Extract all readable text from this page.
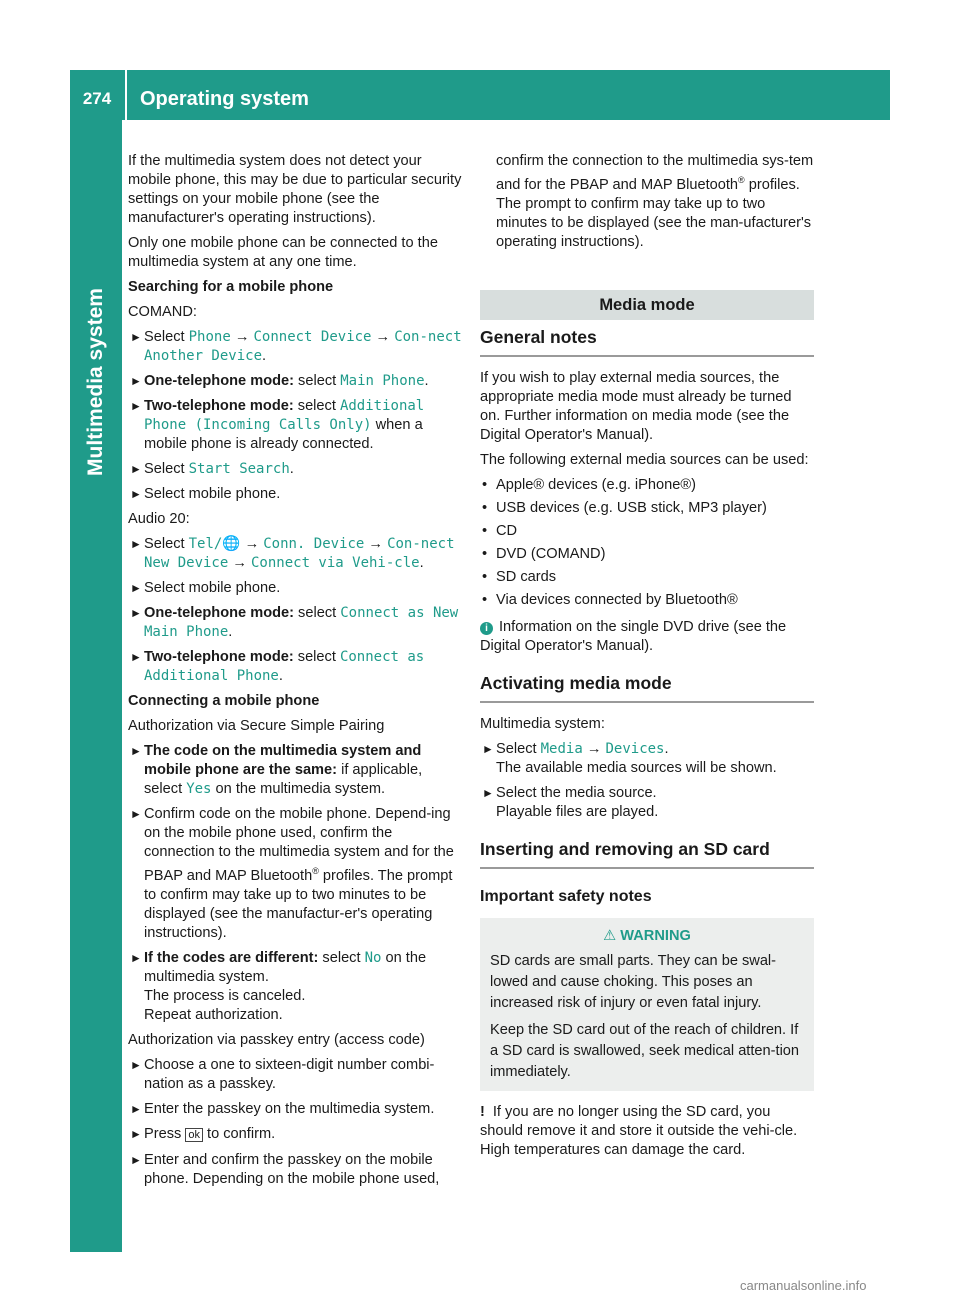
274	Operating system
Multimedia system

If the multimedia system does not detect your mobile phone, this may be due to particular security settings on your mobile phone (see the manufacturer's operating instructions).

Only one mobile phone can be connected to the multimedia system at any one time.

Searching for a mobile phone

COMAND:

► Select Phone → Connect Device → Con‐nect Another Device.
► One-telephone mode: select Main Phone.
► Two-telephone mode: select Additional Phone (Incoming Calls Only) when a mobile phone is already connected.
► Select Start Search.
► Select mobile phone.

Audio 20:

► Select Tel/🌐 → Conn. Device → Con‐nect New Device → Connect via Vehi‐cle.
► Select mobile phone.
► One-telephone mode: select Connect as New Main Phone.
► Two-telephone mode: select Connect as Additional Phone.

Connecting a mobile phone

Authorization via Secure Simple Pairing

► The code on the multimedia system and mobile phone are the same: if applicable, select Yes on the multimedia system.
► Confirm code on the mobile phone. Depend‐ing on the mobile phone used, confirm the connection to the multimedia system and for the PBAP and MAP Bluetooth® profiles. The prompt to confirm may take up to two minutes to be displayed (see the manufactur‐er's operating instructions).
► If the codes are different: select No on the multimedia system.
The process is canceled.
Repeat authorization.

Authorization via passkey entry (access code)

► Choose a one to sixteen-digit number combi‐nation as a passkey.
► Enter the passkey on the multimedia system.
► Press ok to confirm.
► Enter and confirm the passkey on the mobile phone. Depending on the mobile phone used,

confirm the connection to the multimedia sys‐tem and for the PBAP and MAP Bluetooth® profiles. The prompt to confirm may take up to two minutes to be displayed (see the man‐ufacturer's operating instructions).

Media mode
General notes

If you wish to play external media sources, the appropriate media mode must already be turned on. Further information on media mode (see the Digital Operator's Manual).

The following external media sources can be used:

• Apple® devices (e.g. iPhone®)
• USB devices (e.g. USB stick, MP3 player)
• CD
• DVD (COMAND)
• SD cards
• Via devices connected by Bluetooth®

i Information on the single DVD drive (see the Digital Operator's Manual).

Activating media mode

Multimedia system:

► Select Media → Devices.
The available media sources will be shown.
► Select the media source.
Playable files are played.
Inserting and removing an SD card
Important safety notes
⚠ WARNING

SD cards are small parts. They can be swal‐lowed and cause choking. This poses an increased risk of injury or even fatal injury.

Keep the SD card out of the reach of children. If a SD card is swallowed, seek medical atten‐tion immediately.

! If you are no longer using the SD card, you should remove it and store it outside the vehi‐cle. High temperatures can damage the card.

carmanualsonline.info
